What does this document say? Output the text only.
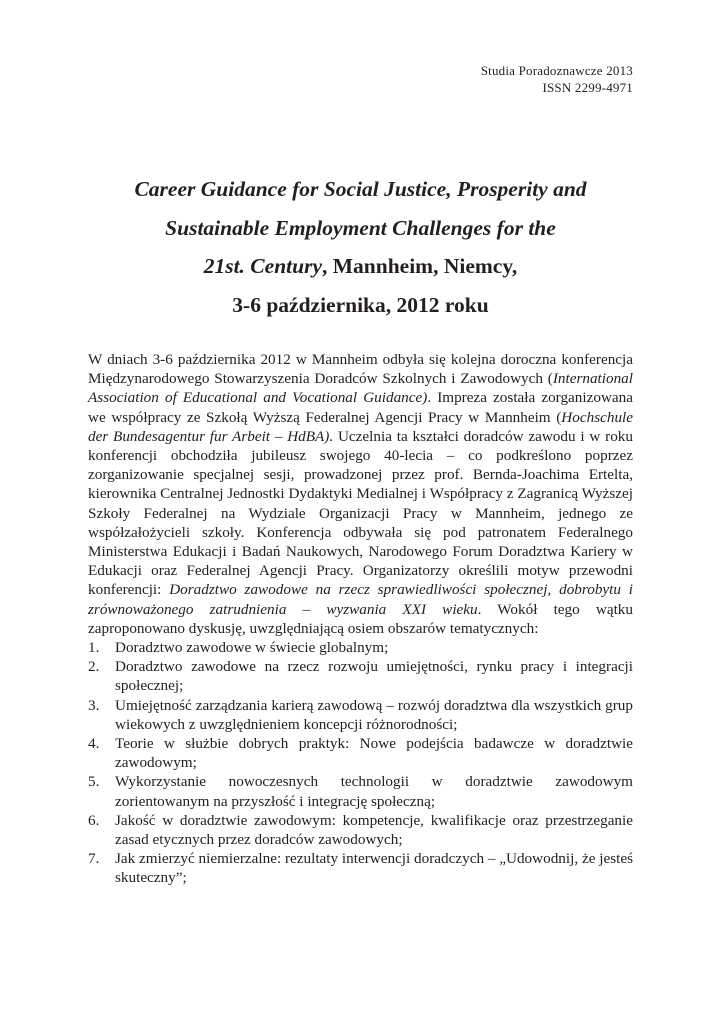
Studia Poradoznawcze 2013
ISSN 2299-4971
Career Guidance for Social Justice, Prosperity and
Sustainable Employment Challenges for the
21st. Century, Mannheim, Niemcy,
3-6 października, 2012 roku

W dniach 3-6 października 2012 w Mannheim odbyła się kolejna doroczna konferencja Międzynarodowego Stowarzyszenia Doradców Szkolnych i Zawodowych (International Association of Educational and Vocational Guidance). Impreza została zorganizowana we współpracy ze Szkołą Wyższą Federalnej Agencji Pracy w Mannheim (Hochschule der Bundesagentur fur Arbeit – HdBA). Uczelnia ta kształci doradców zawodu i w roku konferencji obchodziła jubileusz swojego 40-lecia – co podkreślono poprzez zorganizowanie specjalnej sesji, prowadzonej przez prof. Bernda-Joachima Ertelta, kierownika Centralnej Jednostki Dydaktyki Medialnej i Współpracy z Zagranicą Wyższej Szkoły Federalnej na Wydziale Organizacji Pracy w Mannheim, jednego ze współzałożycieli szkoły. Konferencja odbywała się pod patronatem Federalnego Ministerstwa Edukacji i Badań Naukowych, Narodowego Forum Doradztwa Kariery w Edukacji oraz Federalnej Agencji Pracy. Organizatorzy określili motyw przewodni konferencji: Doradztwo zawodowe na rzecz sprawiedliwości społecznej, dobrobytu i zrównoważonego zatrudnienia – wyzwania XXI wieku. Wokół tego wątku zaproponowano dyskusję, uwzględniającą osiem obszarów tematycznych:

1. Doradztwo zawodowe w świecie globalnym;
2. Doradztwo zawodowe na rzecz rozwoju umiejętności, rynku pracy i integracji społecznej;
3. Umiejętność zarządzania karierą zawodową – rozwój doradztwa dla wszystkich grup wiekowych z uwzględnieniem koncepcji różnorodności;
4. Teorie w służbie dobrych praktyk: Nowe podejścia badawcze w doradztwie zawodowym;
5. Wykorzystanie nowoczesnych technologii w doradztwie zawodowym zorientowanym na przyszłość i integrację społeczną;
6. Jakość w doradztwie zawodowym: kompetencje, kwalifikacje oraz przestrzeganie zasad etycznych przez doradców zawodowych;
7. Jak zmierzyć niemierzalne: rezultaty interwencji doradczych – „Udowodnij, że jesteś skuteczny”;
